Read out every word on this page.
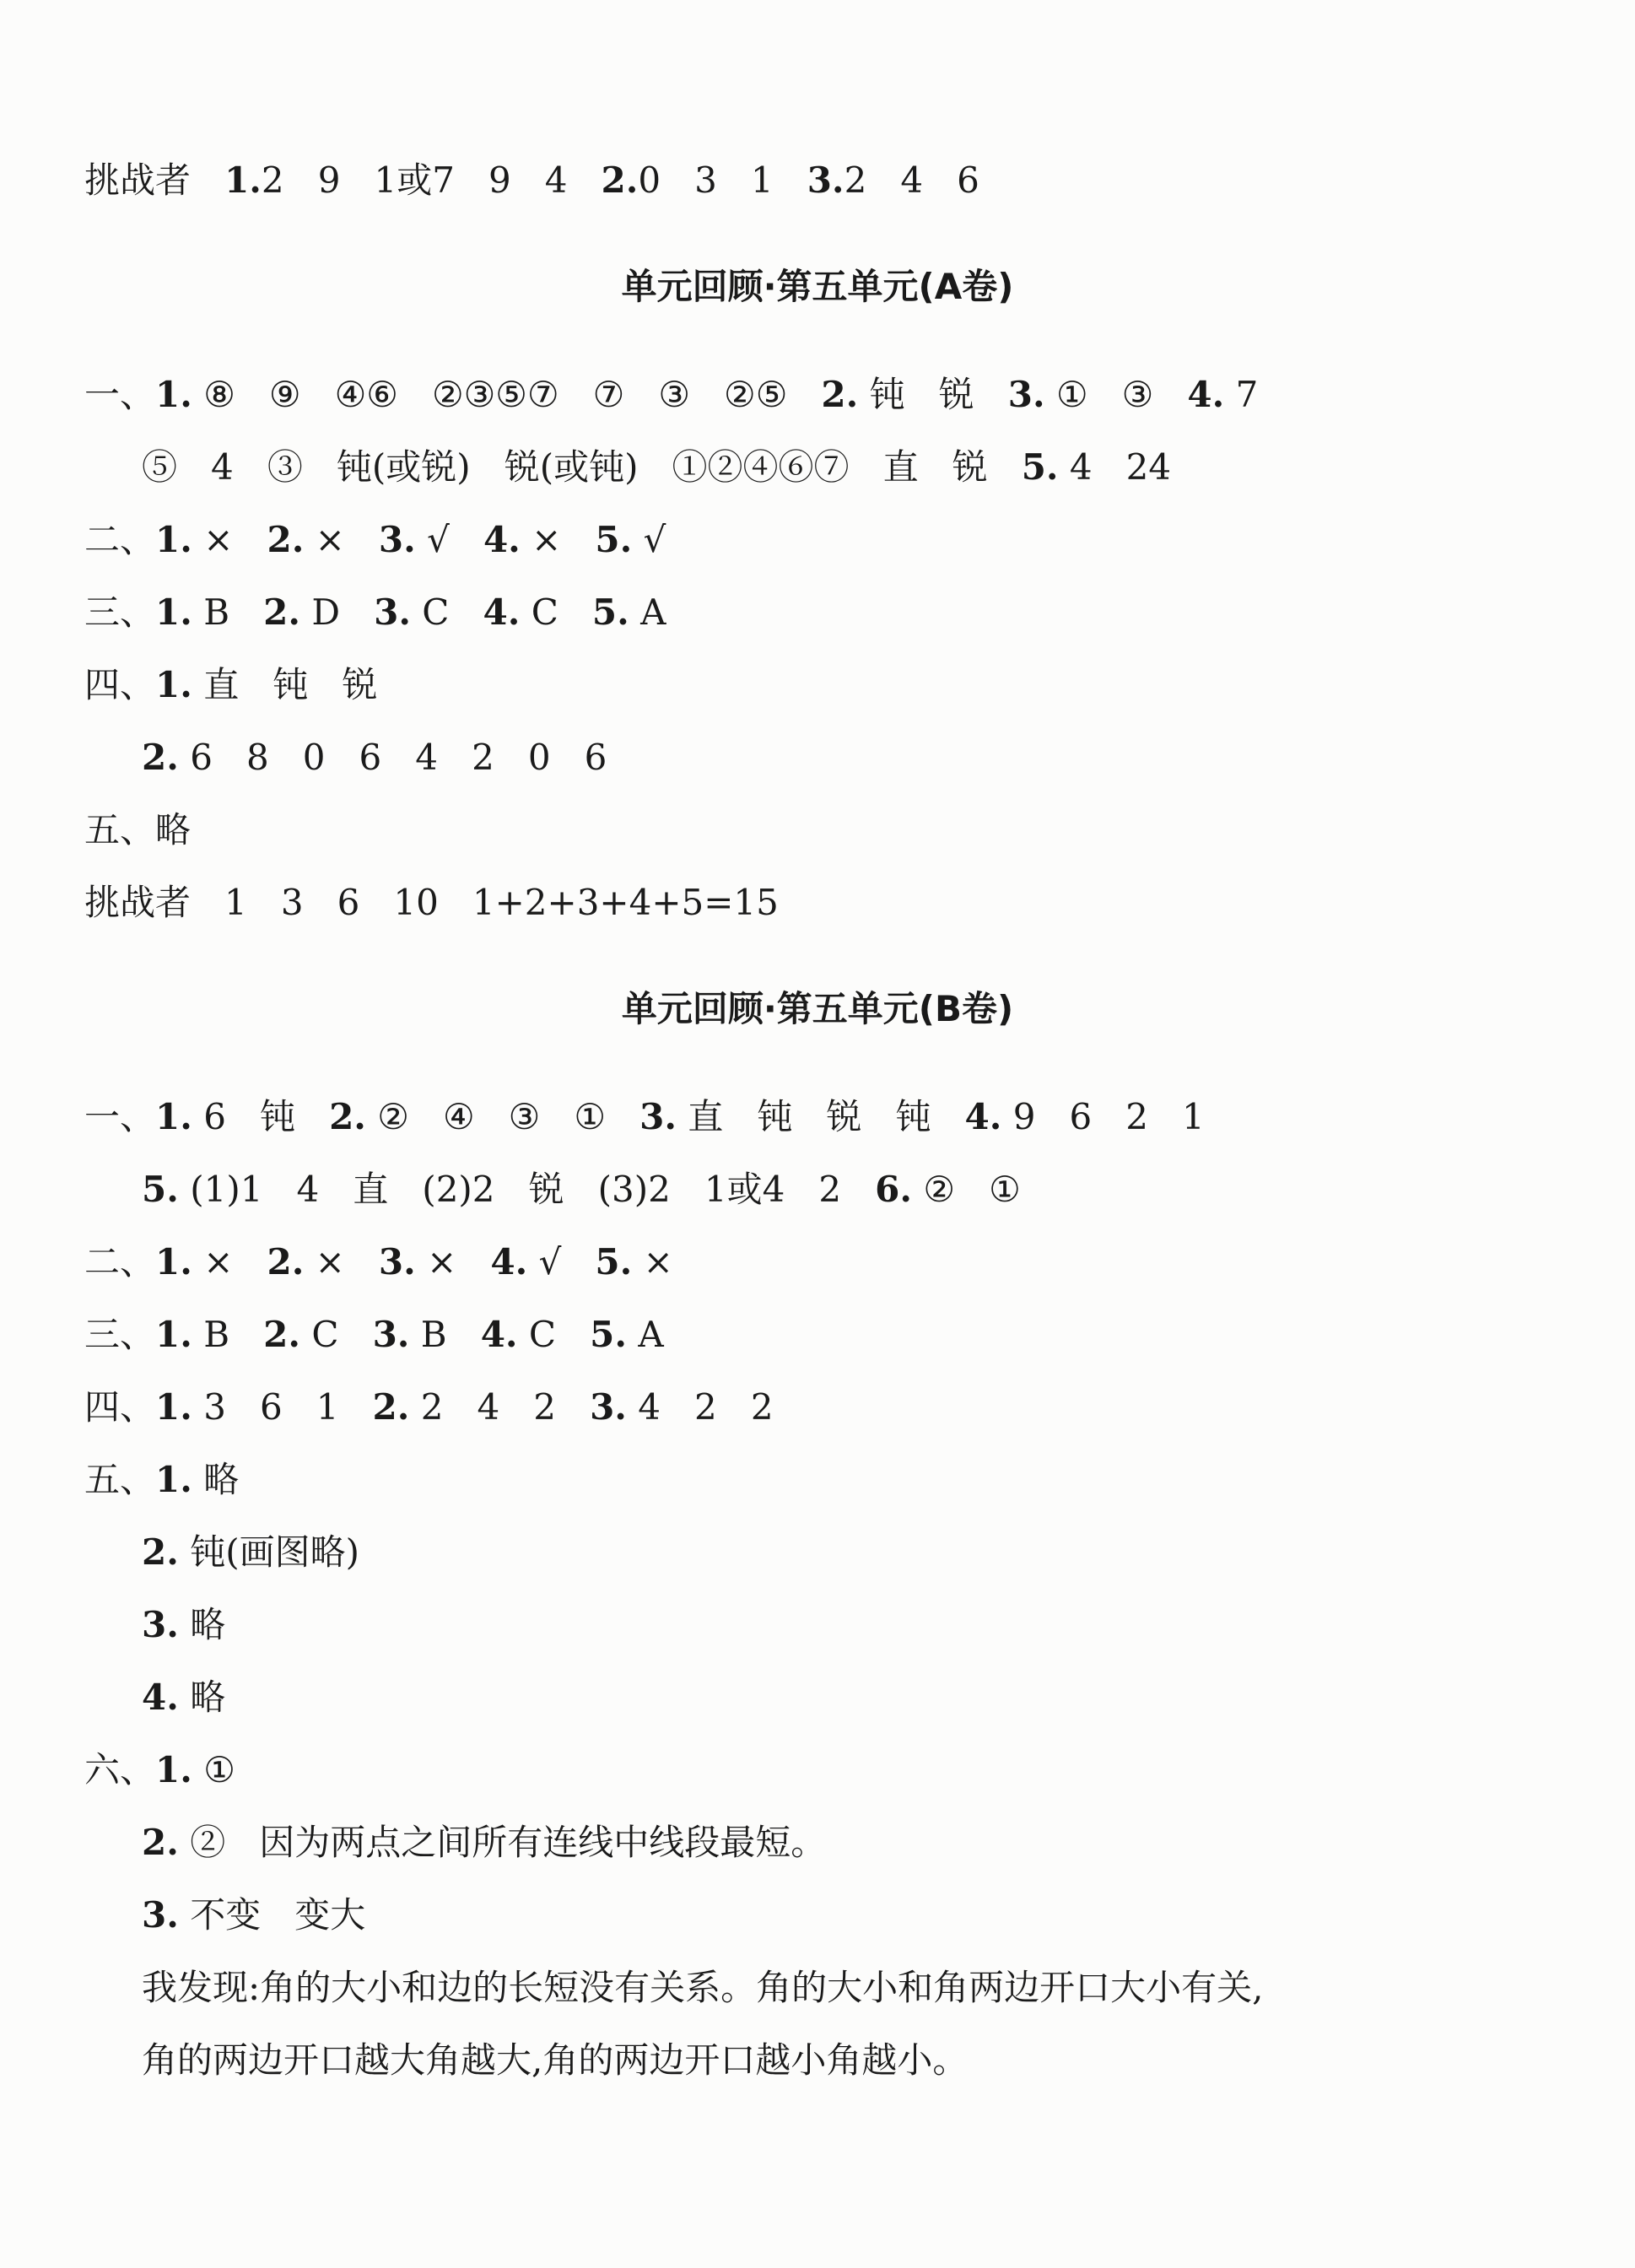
挑战者   1.2   9   1或7   9   4   2.0   3   1   3.2   4   6
单元回顾·第五单元(A卷)
一、1. ⑧   ⑨   ④⑥   ②③⑤⑦   ⑦   ③   ②⑤   2. 钝   锐   3. ①   ③   4. 7
⑤   4   ③   钝(或锐)   锐(或钝)   ①②④⑥⑦   直   锐   5. 4   24
二、1. ×   2. ×   3. √   4. ×   5. √
三、1. B   2. D   3. C   4. C   5. A
四、1. 直   钝   锐
2. 6   8   0   6   4   2   0   6
五、略
挑战者   1   3   6   10   1+2+3+4+5=15
单元回顾·第五单元(B卷)
一、1. 6   钝   2. ②   ④   ③   ①   3. 直   钝   锐   钝   4. 9   6   2   1
5. (1)1   4   直   (2)2   锐   (3)2   1或4   2   6. ②   ①
二、1. ×   2. ×   3. ×   4. √   5. ×
三、1. B   2. C   3. B   4. C   5. A
四、1. 3   6   1   2. 2   4   2   3. 4   2   2
五、1. 略
2. 钝(画图略)
3. 略
4. 略
六、1. ①
2. ②   因为两点之间所有连线中线段最短。
3. 不变   变大
我发现:角的大小和边的长短没有关系。角的大小和角两边开口大小有关,
角的两边开口越大角越大,角的两边开口越小角越小。
